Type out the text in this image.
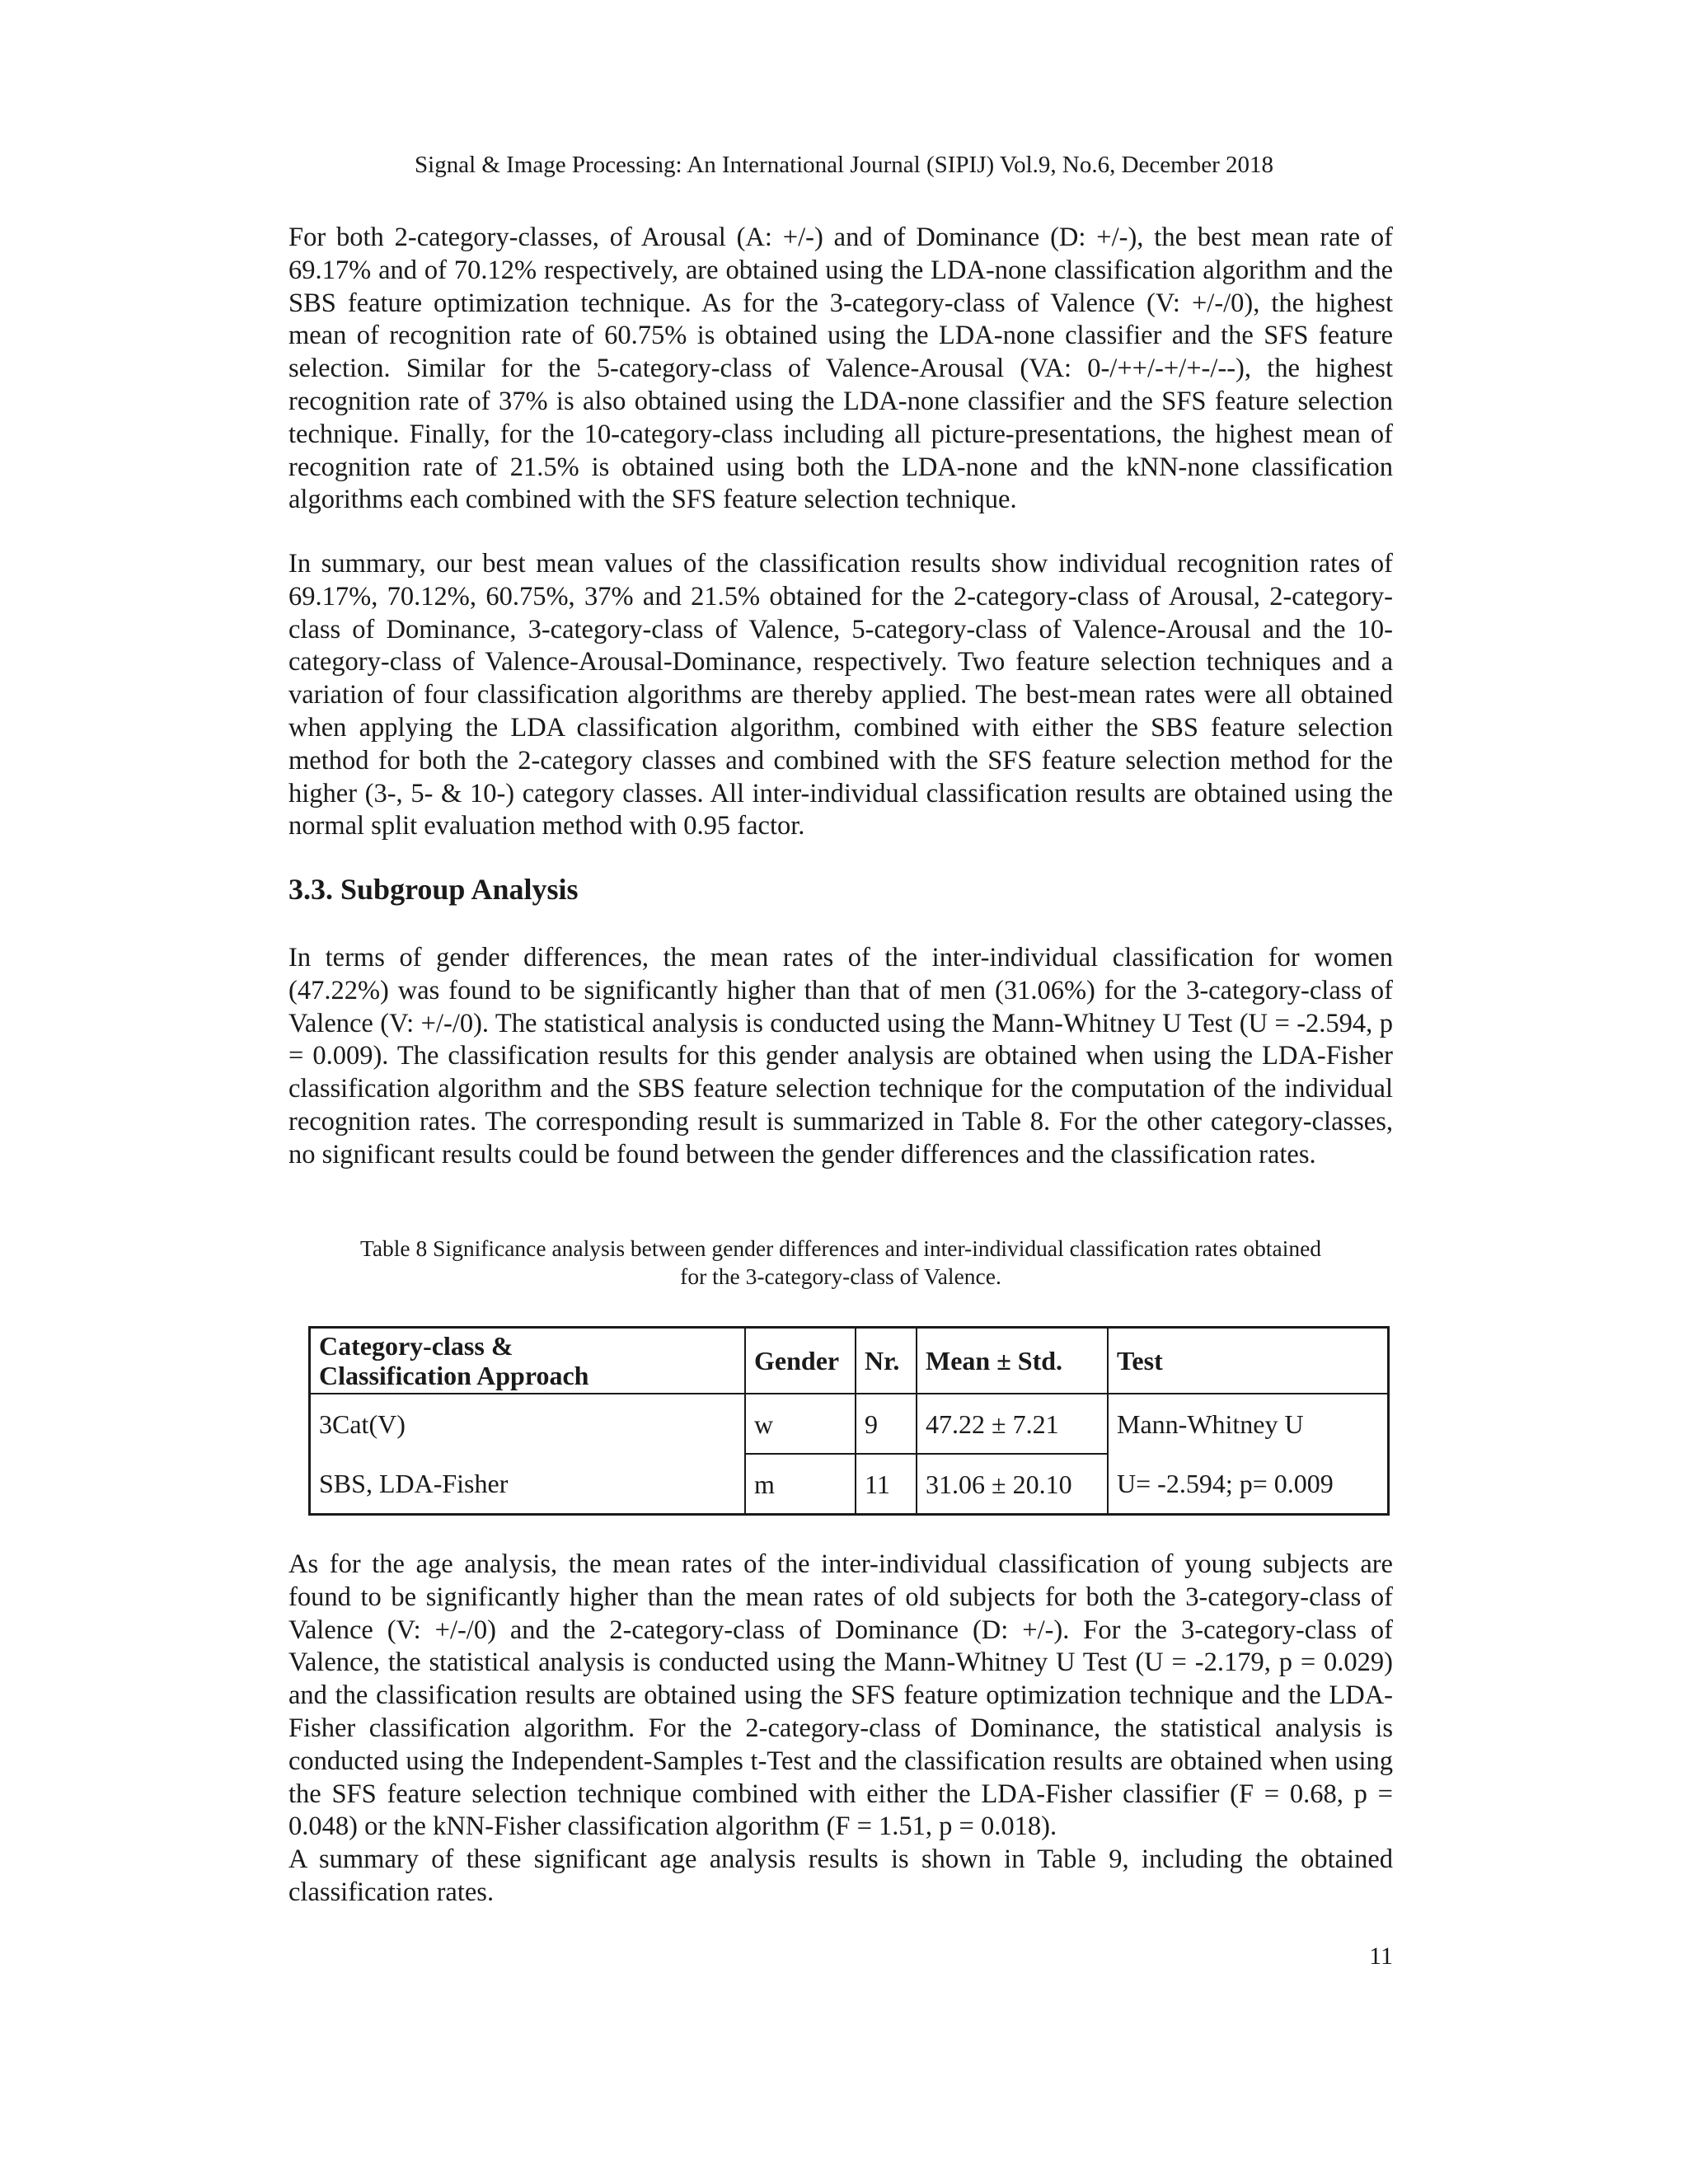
Signal & Image Processing: An International Journal (SIPIJ) Vol.9, No.6, December 2018

For both 2-category-classes, of Arousal (A: +/-) and of Dominance (D: +/-), the best mean rate of 69.17% and of 70.12% respectively, are obtained using the LDA-none classification algorithm and the SBS feature optimization technique. As for the 3-category-class of Valence (V: +/-/0), the highest mean of recognition rate of 60.75% is obtained using the LDA-none classifier and the SFS feature selection. Similar for the 5-category-class of Valence-Arousal (VA: 0-/++/-+/+-/--), the highest recognition rate of 37% is also obtained using the LDA-none classifier and the SFS feature selection technique. Finally, for the 10-category-class including all picture-presentations, the highest mean of recognition rate of 21.5% is obtained using both the LDA-none and the kNN-none classification algorithms each combined with the SFS feature selection technique.

In summary, our best mean values of the classification results show individual recognition rates of 69.17%, 70.12%, 60.75%, 37% and 21.5% obtained for the 2-category-class of Arousal, 2-category-class of Dominance, 3-category-class of Valence, 5-category-class of Valence-Arousal and the 10-category-class of Valence-Arousal-Dominance, respectively. Two feature selection techniques and a variation of four classification algorithms are thereby applied. The best-mean rates were all obtained when applying the LDA classification algorithm, combined with either the SBS feature selection method for both the 2-category classes and combined with the SFS feature selection method for the higher (3-, 5- & 10-) category classes. All inter-individual classification results are obtained using the normal split evaluation method with 0.95 factor.

3.3. Subgroup Analysis

In terms of gender differences, the mean rates of the inter-individual classification for women (47.22%) was found to be significantly higher than that of men (31.06%) for the 3-category-class of Valence (V: +/-/0). The statistical analysis is conducted using the Mann-Whitney U Test (U = -2.594, p = 0.009). The classification results for this gender analysis are obtained when using the LDA-Fisher classification algorithm and the SBS feature selection technique for the computation of the individual recognition rates. The corresponding result is summarized in Table 8. For the other category-classes, no significant results could be found between the gender differences and the classification rates.

Table 8 Significance analysis between gender differences and inter-individual classification rates obtained
for the 3-category-class of Valence.
Category-class &
Classification Approach	Gender	Nr.	Mean ± Std.	Test
3Cat(V)	w	9	47.22 ± 7.21	Mann-Whitney U
SBS, LDA-Fisher	m	11	31.06 ± 20.10	U= -2.594; p= 0.009
As for the age analysis, the mean rates of the inter-individual classification of young subjects are found to be significantly higher than the mean rates of old subjects for both the 3-category-class of Valence (V: +/-/0) and the 2-category-class of Dominance (D: +/-). For the 3-category-class of Valence, the statistical analysis is conducted using the Mann-Whitney U Test (U = -2.179, p = 0.029) and the classification results are obtained using the SFS feature optimization technique and the LDA-Fisher classification algorithm. For the 2-category-class of Dominance, the statistical analysis is conducted using the Independent-Samples t-Test and the classification results are obtained when using the SFS feature selection technique combined with either the LDA-Fisher classifier (F = 0.68, p = 0.048) or the kNN-Fisher classification algorithm (F = 1.51, p = 0.018).
A summary of these significant age analysis results is shown in Table 9, including the obtained classification rates.
11
